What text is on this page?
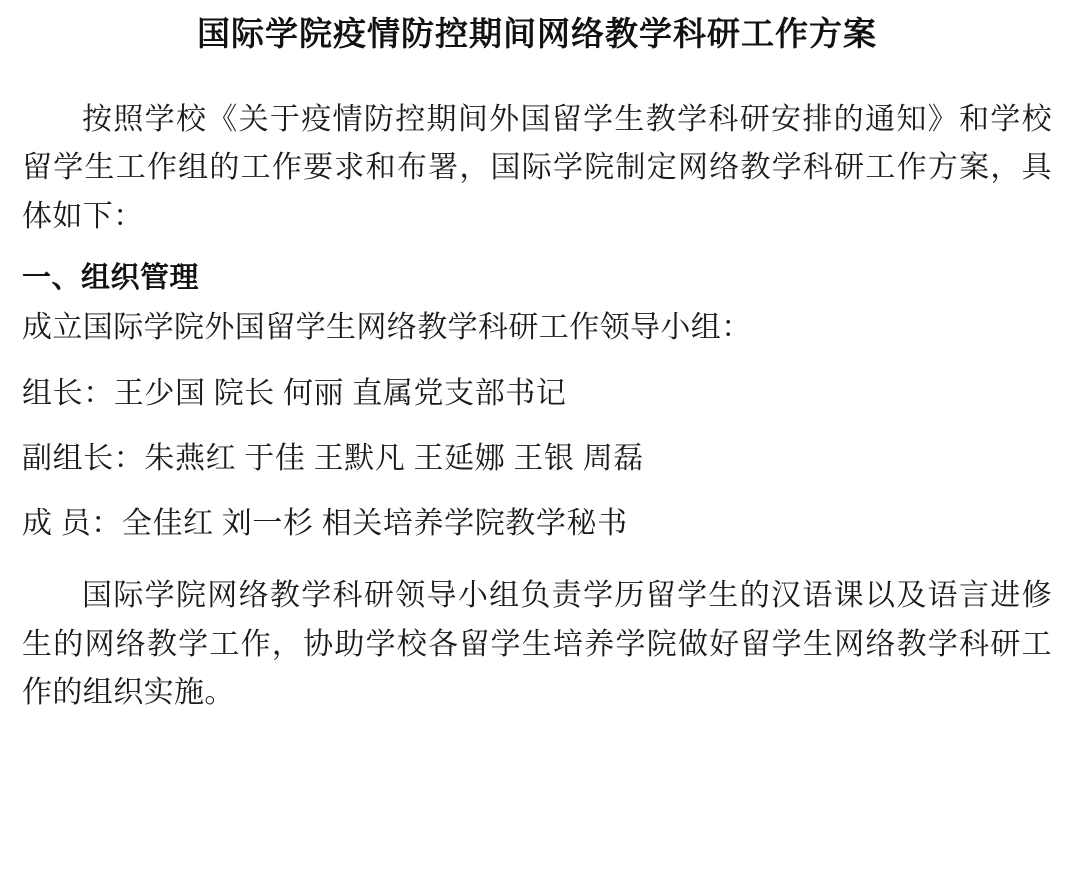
国际学院疫情防控期间网络教学科研工作方案

按照学校《关于疫情防控期间外国留学生教学科研安排的通知》和学校留学生工作组的工作要求和布署，国际学院制定网络教学科研工作方案，具体如下：

一、组织管理

成立国际学院外国留学生网络教学科研工作领导小组：

组长：王少国 院长 何丽 直属党支部书记

副组长：朱燕红 于佳 王默凡 王延娜 王银 周磊

成 员：全佳红 刘一杉 相关培养学院教学秘书

国际学院网络教学科研领导小组负责学历留学生的汉语课以及语言进修生的网络教学工作，协助学校各留学生培养学院做好留学生网络教学科研工作的组织实施。
